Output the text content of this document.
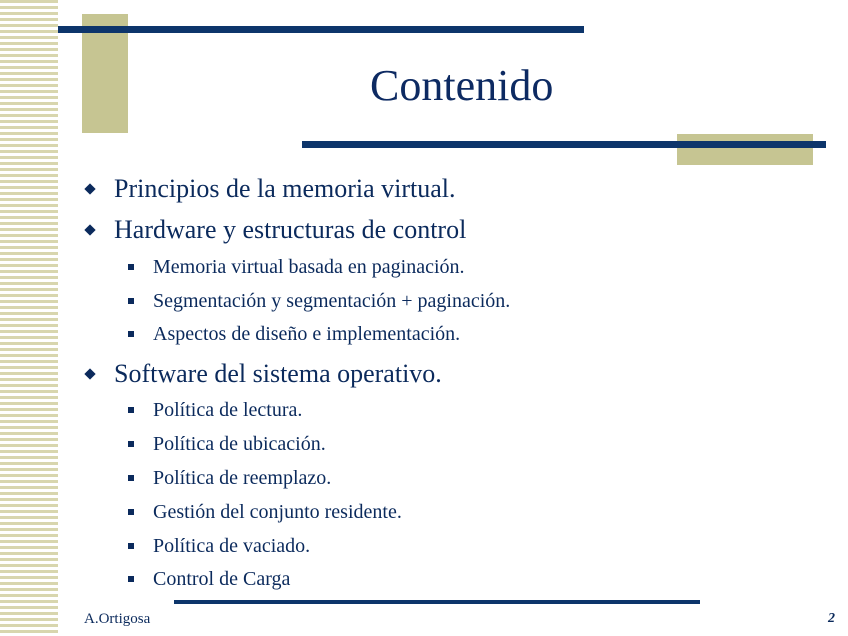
Contenido
Principios de la memoria virtual.
Hardware y estructuras de control
Memoria virtual basada en paginación.
Segmentación y segmentación + paginación.
Aspectos de diseño e implementación.
Software del sistema operativo.
Política de lectura.
Política de ubicación.
Política de reemplazo.
Gestión del conjunto residente.
Política de vaciado.
Control de Carga
A.Ortigosa	2
